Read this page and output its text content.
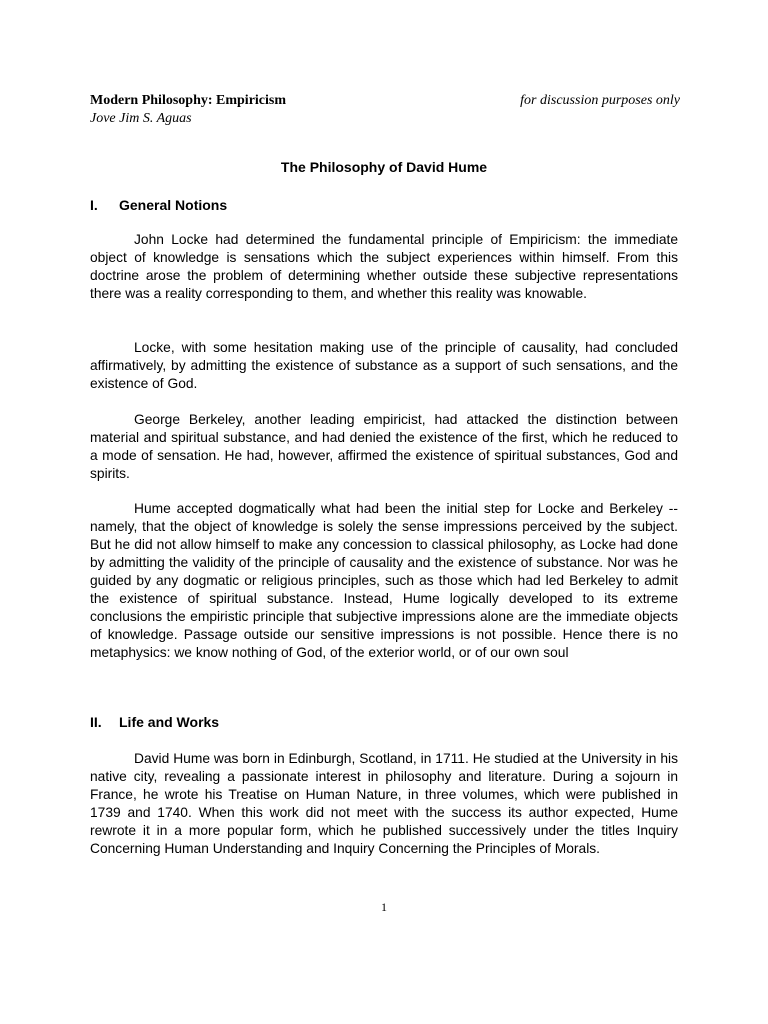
Modern Philosophy: Empiricism	for discussion purposes only
Jove Jim S. Aguas
The Philosophy of David Hume
I. General Notions

John Locke had determined the fundamental principle of Empiricism: the immediate object of knowledge is sensations which the subject experiences within himself. From this doctrine arose the problem of determining whether outside these subjective representations there was a reality corresponding to them, and whether this reality was knowable.

Locke, with some hesitation making use of the principle of causality, had concluded affirmatively, by admitting the existence of substance as a support of such sensations, and the existence of God.

George Berkeley, another leading empiricist, had attacked the distinction between material and spiritual substance, and had denied the existence of the first, which he reduced to a mode of sensation. He had, however, affirmed the existence of spiritual substances, God and spirits.

Hume accepted dogmatically what had been the initial step for Locke and Berkeley -- namely, that the object of knowledge is solely the sense impressions perceived by the subject. But he did not allow himself to make any concession to classical philosophy, as Locke had done by admitting the validity of the principle of causality and the existence of substance. Nor was he guided by any dogmatic or religious principles, such as those which had led Berkeley to admit the existence of spiritual substance. Instead, Hume logically developed to its extreme conclusions the empiristic principle that subjective impressions alone are the immediate objects of knowledge. Passage outside our sensitive impressions is not possible. Hence there is no metaphysics: we know nothing of God, of the exterior world, or of our own soul

II. Life and Works

David Hume was born in Edinburgh, Scotland, in 1711. He studied at the University in his native city, revealing a passionate interest in philosophy and literature. During a sojourn in France, he wrote his Treatise on Human Nature, in three volumes, which were published in 1739 and 1740. When this work did not meet with the success its author expected, Hume rewrote it in a more popular form, which he published successively under the titles Inquiry Concerning Human Understanding and Inquiry Concerning the Principles of Morals.

1
